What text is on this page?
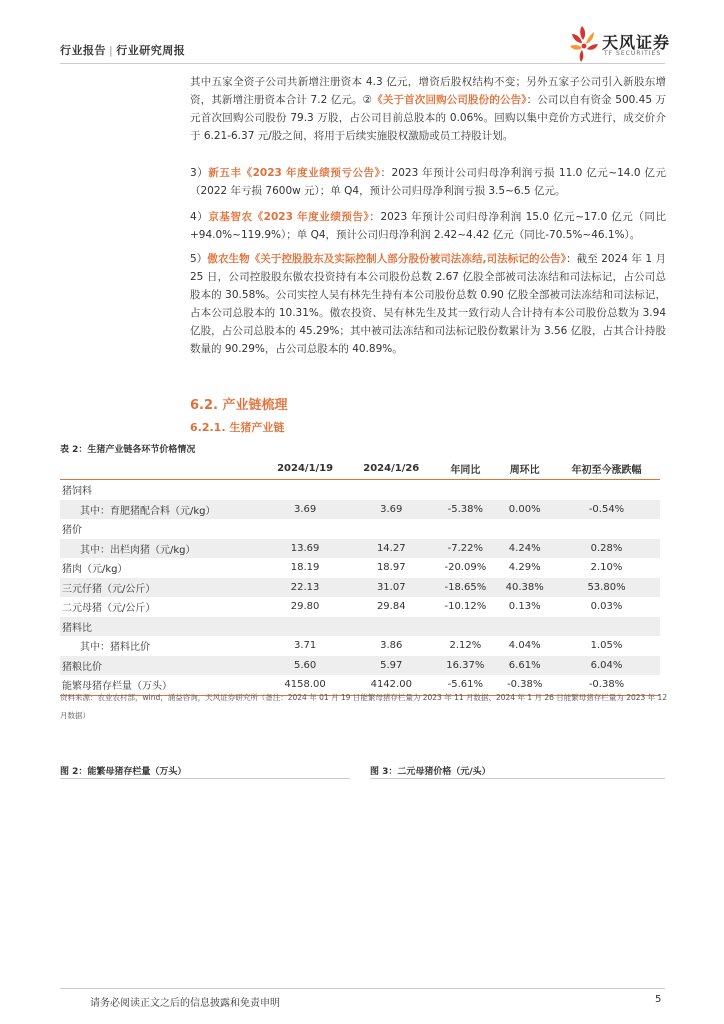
行业报告 | 行业研究周报	天风证券
TF SECURITIES

其中五家全资子公司共新增注册资本 4.3 亿元，增资后股权结构不变；另外五家子公司引入新股东增资，其新增注册资本合计 7.2 亿元。②《关于首次回购公司股份的公告》：公司以自有资金 500.45 万元首次回购公司股份 79.3 万股，占公司目前总股本的 0.06%。回购以集中竞价方式进行，成交价介于 6.21-6.37 元/股之间，将用于后续实施股权激励或员工持股计划。

3）新五丰《2023 年度业绩预亏公告》：2023 年预计公司归母净利润亏损 11.0 亿元~14.0 亿元（2022 年亏损 7600w 元）；单 Q4，预计公司归母净利润亏损 3.5~6.5 亿元。

4）京基智农《2023 年度业绩预告》：2023 年预计公司归母净利润 15.0 亿元~17.0 亿元（同比+94.0%~119.9%）；单 Q4，预计公司归母净利润 2.42~4.42 亿元（同比-70.5%~46.1%）。

5）傲农生物《关于控股股东及实际控制人部分股份被司法冻结,司法标记的公告》：截至 2024 年 1 月 25 日，公司控股股东傲农投资持有本公司股份总数 2.67 亿股全部被司法冻结和司法标记，占公司总股本的 30.58%。公司实控人吴有林先生持有本公司股份总数 0.90 亿股全部被司法冻结和司法标记，占本公司总股本的 10.31%。傲农投资、吴有林先生及其一致行动人合计持有本公司股份总数为 3.94 亿股，占公司总股本的 45.29%；其中被司法冻结和司法标记股份数累计为 3.56 亿股，占其合计持股数量的 90.29%，占公司总股本的 40.89%。

6.2. 产业链梳理
6.2.1. 生猪产业链
表 2：生猪产业链各环节价格情况
	2024/1/19	2024/1/26	年同比	周环比	年初至今涨跌幅
猪饲料					
其中：育肥猪配合料（元/kg）	3.69	3.69	-5.38%	0.00%	-0.54%
猪价					
其中：出栏肉猪（元/kg）	13.69	14.27	-7.22%	4.24%	0.28%
猪肉（元/kg）	18.19	18.97	-20.09%	4.29%	2.10%
三元仔猪（元/公斤）	22.13	31.07	-18.65%	40.38%	53.80%
二元母猪（元/公斤）	29.80	29.84	-10.12%	0.13%	0.03%
猪料比					
其中：猪料比价	3.71	3.86	2.12%	4.04%	1.05%
猪粮比价	5.60	5.97	16.37%	6.61%	6.04%
能繁母猪存栏量（万头）	4158.00	4142.00	-5.61%	-0.38%	-0.38%
资料来源：农业农村部，wind，涌益咨询，天风证券研究所（备注：2024 年 01 月 19 日能繁母猪存栏量为 2023 年 11 月数据、2024 年 1 月 26 日能繁母猪存栏量为 2023 年 12 月数据）
图 2：能繁母猪存栏量（万头）	图 3：二元母猪价格（元/头）
请务必阅读正文之后的信息披露和免责申明	5
